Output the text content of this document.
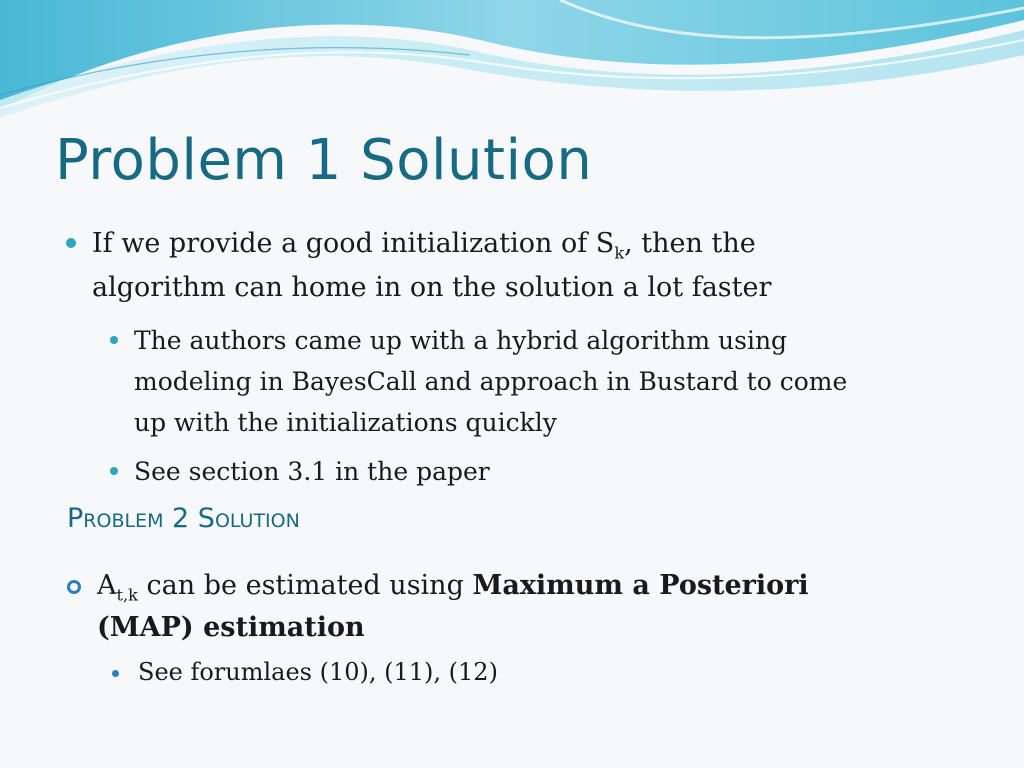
Problem 1 Solution
If we provide a good initialization of $S_k$, then the
algorithm can home in on the solution a lot faster
The authors came up with a hybrid algorithm using
modeling in BayesCall and approach in Bustard to come
up with the initializations quickly
See section 3.1 in the paper
Problem 2 Solution
$A_{t,k}$ can be estimated using Maximum a Posteriori
(MAP) estimation
See forumlaes (10), (11), (12)
